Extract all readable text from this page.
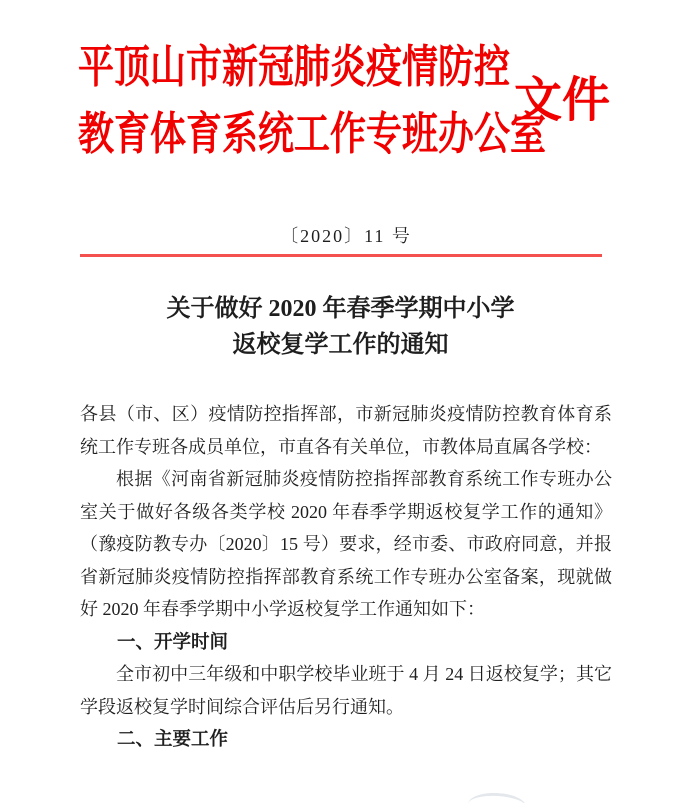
平顶山市新冠肺炎疫情防控
教育体育系统工作专班办公室
文件
〔2020〕11 号
关于做好 2020 年春季学期中小学
返校复学工作的通知

各县（市、区）疫情防控指挥部，市新冠肺炎疫情防控教育体育系统工作专班各成员单位，市直各有关单位，市教体局直属各学校：

根据《河南省新冠肺炎疫情防控指挥部教育系统工作专班办公室关于做好各级各类学校 2020 年春季学期返校复学工作的通知》（豫疫防教专办〔2020〕15 号）要求，经市委、市政府同意，并报省新冠肺炎疫情防控指挥部教育系统工作专班办公室备案，现就做好 2020 年春季学期中小学返校复学工作通知如下：

一、开学时间

全市初中三年级和中职学校毕业班于 4 月 24 日返校复学；其它学段返校复学时间综合评估后另行通知。

二、主要工作
